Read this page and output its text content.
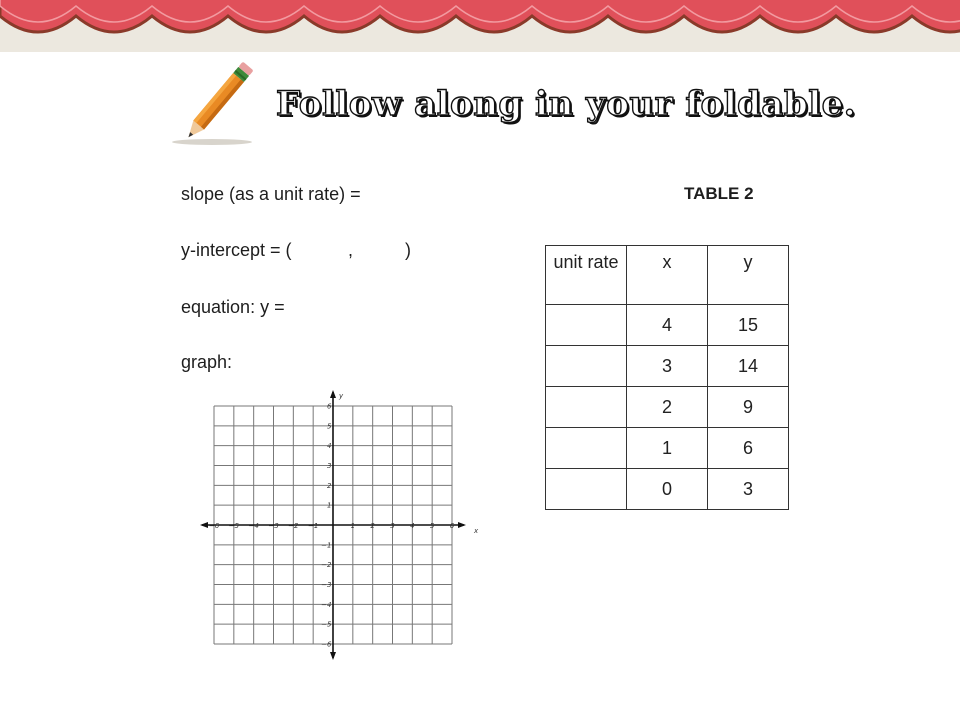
Follow along in your foldable.

slope (as a unit rate) =

y-intercept = (	,	)

equation: y =

graph:

TABLE 2

unit rate	x	y
	4	15
	3	14
	2	9
	1	6
	0	3
−6 −5 −4 −3 −2 −1	1 2 3 4 5 6
6
5
4
3
2
1
−1
−2
−3
−4
−5
−6
x
y
